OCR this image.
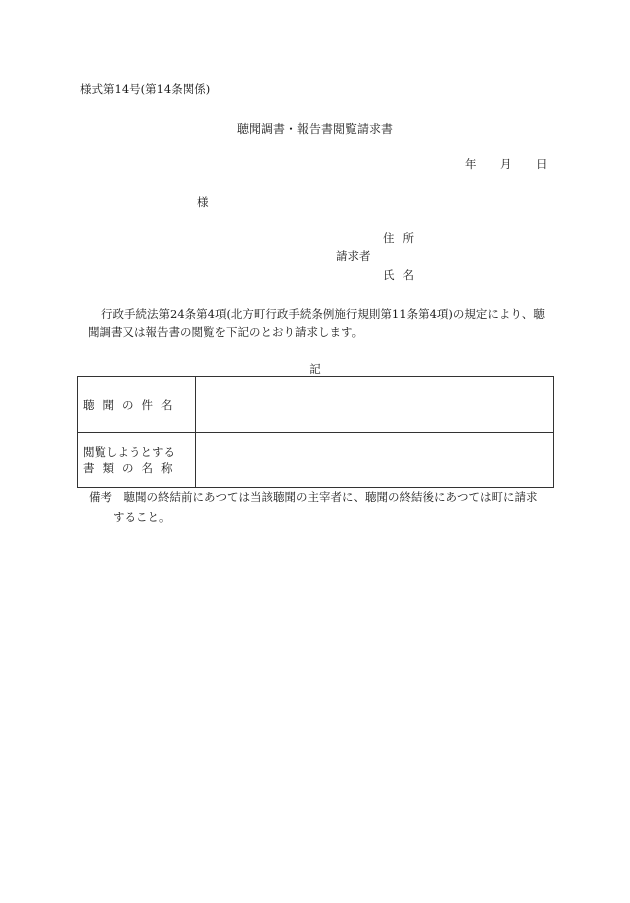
様式第14号(第14条関係)
聴聞調書・報告書閲覧請求書
年 月 日
様
住所
請求者
氏名
行政手続法第24条第4項(北方町行政手続条例施行規則第11条第4項)の規定により、聴
聞調書又は報告書の閲覧を下記のとおり請求します。
記
聴聞の件名	

閲覧しようとする
書類の名称	

備考　聴聞の終結前にあつては当該聴聞の主宰者に、聴聞の終結後にあつては町に請求
すること。
